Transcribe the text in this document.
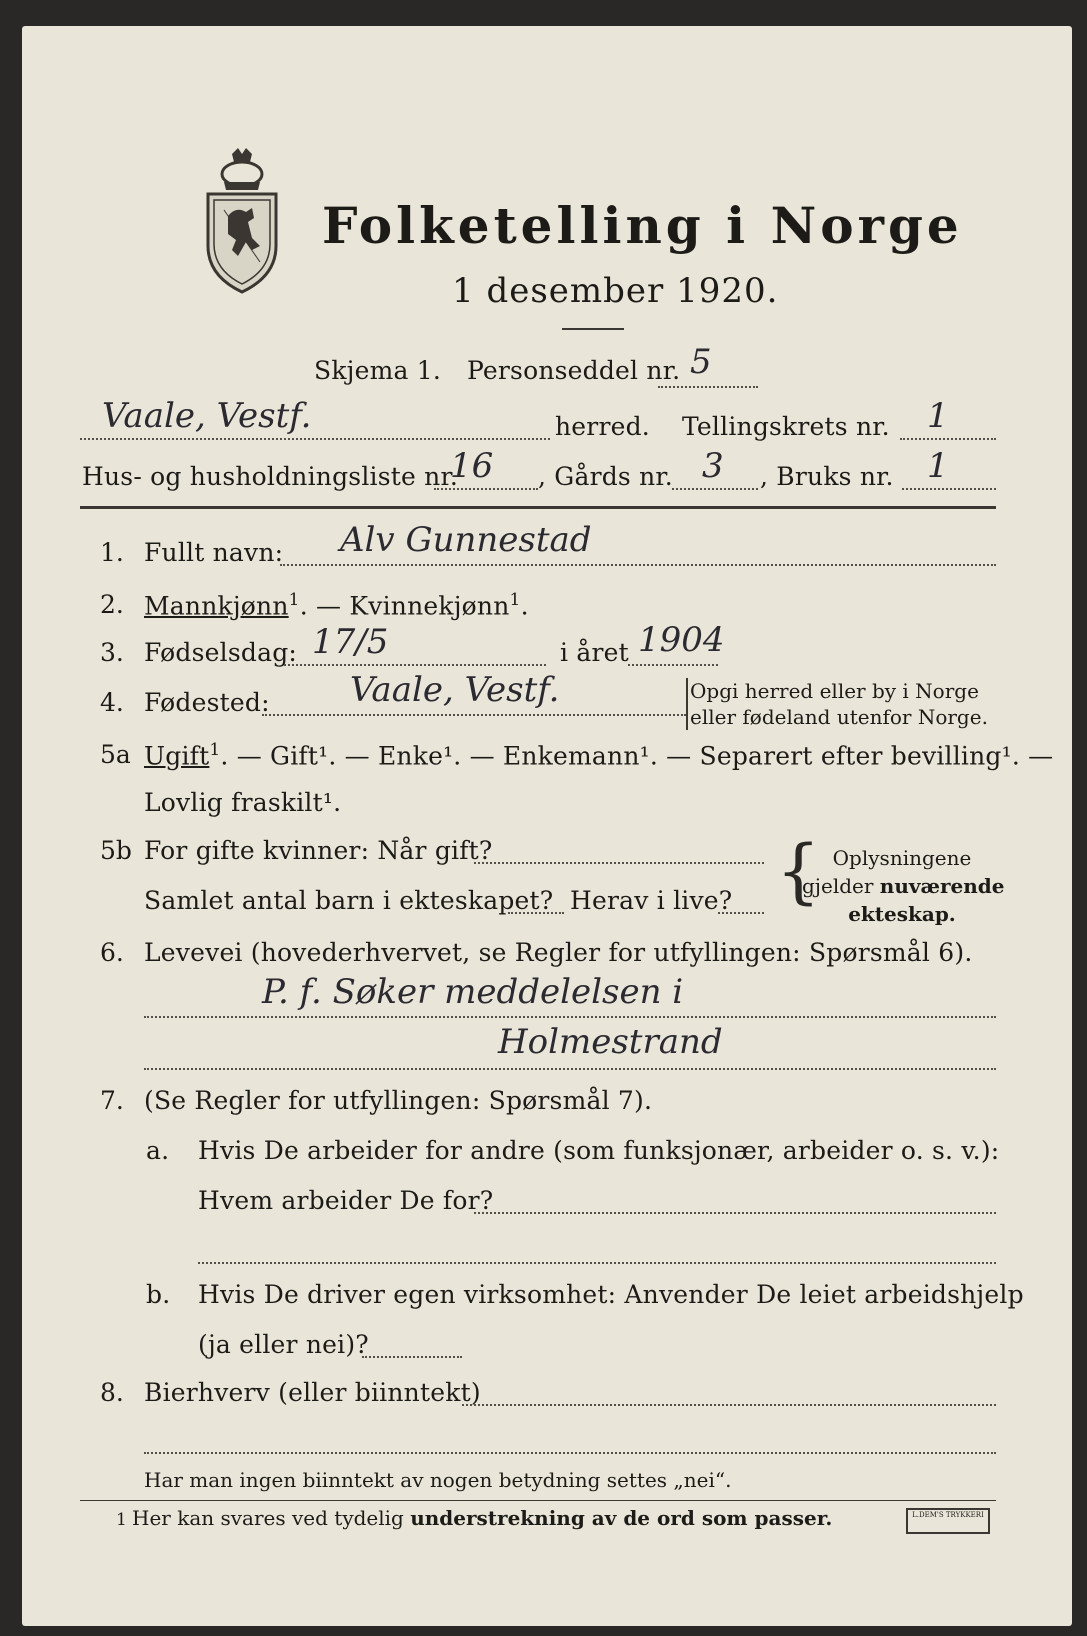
Folketelling i Norge
1 desember 1920.
Skjema 1. Personseddel nr. 5
Vaale, Vestf.	herred. Tellingskrets nr. 1
Hus- og husholdningsliste nr.
16 , Gårds nr. 3 , Bruks nr. 1
1. Fullt navn: Alv Gunnestad
2. Mannkjønn$^1$. — Kvinnekjønn$^1$.
3. Fødselsdag: 17/5	i året 1904
4. Fødested: Vaale, Vestf.	Opgi herred eller by i Norge
eller fødeland utenfor Norge.
5a Ugift$^1$. — Gift¹. — Enke¹. — Enkemann¹. — Separert efter bevilling¹. —
Lovlig fraskilt¹.
5b For gifte kvinner: Når gift?
Samlet antal barn i ekteskapet? Herav i live? { Oplysningene
gjelder nuværende
ekteskap.
6. Levevei (hovederhvervet, se Regler for utfyllingen: Spørsmål 6).
P. f. Søker meddelelsen i
Holmestrand
7. (Se Regler for utfyllingen: Spørsmål 7).
a. Hvis De arbeider for andre (som funksjonær, arbeider o. s. v.):
Hvem arbeider De for?
b. Hvis De driver egen virksomhet: Anvender De leiet arbeidshjelp
(ja eller nei)?
8. Bierhverv (eller biinntekt)
Har man ingen biinntekt av nogen betydning settes „nei“.
1 Her kan svares ved tydelig understrekning av de ord som passer.	L.DEM'S TRYKKERI
